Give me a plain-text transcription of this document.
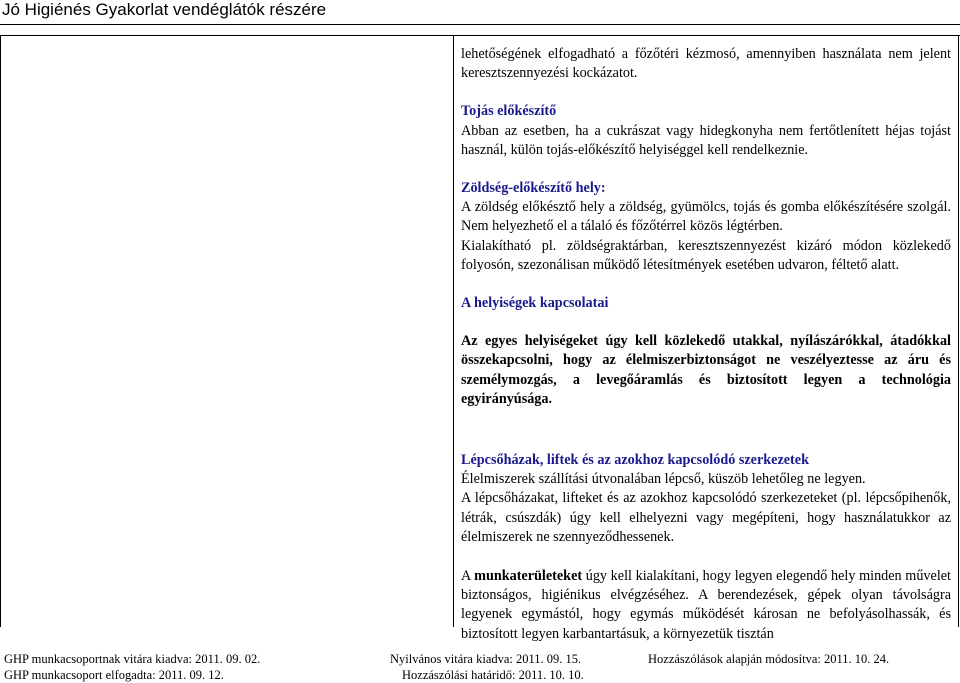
Jó Higiénés Gyakorlat vendéglátók részére

lehetőségének elfogadható a főzőtéri kézmosó, amennyiben használata nem jelent keresztszennyezési kockázatot.

Tojás előkészítő

Abban az esetben, ha a cukrászat vagy hidegkonyha nem fertőtlenített héjas tojást használ, külön tojás-előkészítő helyiséggel kell rendelkeznie.

Zöldség-előkészítő hely:

A zöldség előkésztő hely a zöldség, gyümölcs, tojás és gomba előkészítésére szolgál. Nem helyezhető el a tálaló és főzőtérrel közös légtérben.

Kialakítható pl. zöldségraktárban, keresztszennyezést kizáró módon közlekedő folyosón, szezonálisan működő létesítmények esetében udvaron, féltető alatt.

A helyiségek kapcsolatai

Az egyes helyiségeket úgy kell közlekedő utakkal, nyílászárókkal, átadókkal összekapcsolni, hogy az élelmiszerbiztonságot ne veszélyeztesse az áru és személymozgás, a levegőáramlás és biztosított legyen a technológia egyirányúsága.

Lépcsőházak, liftek és az azokhoz kapcsolódó szerkezetek

Élelmiszerek szállítási útvonalában lépcső, küszöb lehetőleg ne legyen.

A lépcsőházakat, lifteket és az azokhoz kapcsolódó szerkezeteket (pl. lépcsőpihenők, létrák, csúszdák) úgy kell elhelyezni vagy megépíteni, hogy használatukkor az élelmiszerek ne szennyeződhessenek.

A munkaterületeket úgy kell kialakítani, hogy legyen elegendő hely minden művelet biztonságos, higiénikus elvégzéséhez. A berendezések, gépek olyan távolságra legyenek egymástól, hogy egymás működését károsan ne befolyásolhassák, és biztosított legyen karbantartásuk, a környezetük tisztán

GHP munkacsoportnak vitára kiadva: 2011. 09. 02.	Nyilvános vitára kiadva: 2011. 09. 15.	Hozzászólások alapján módosítva: 2011. 10. 24.
GHP munkacsoport elfogadta: 2011. 09. 12.	Hozzászólási határidő: 2011. 10. 10.
